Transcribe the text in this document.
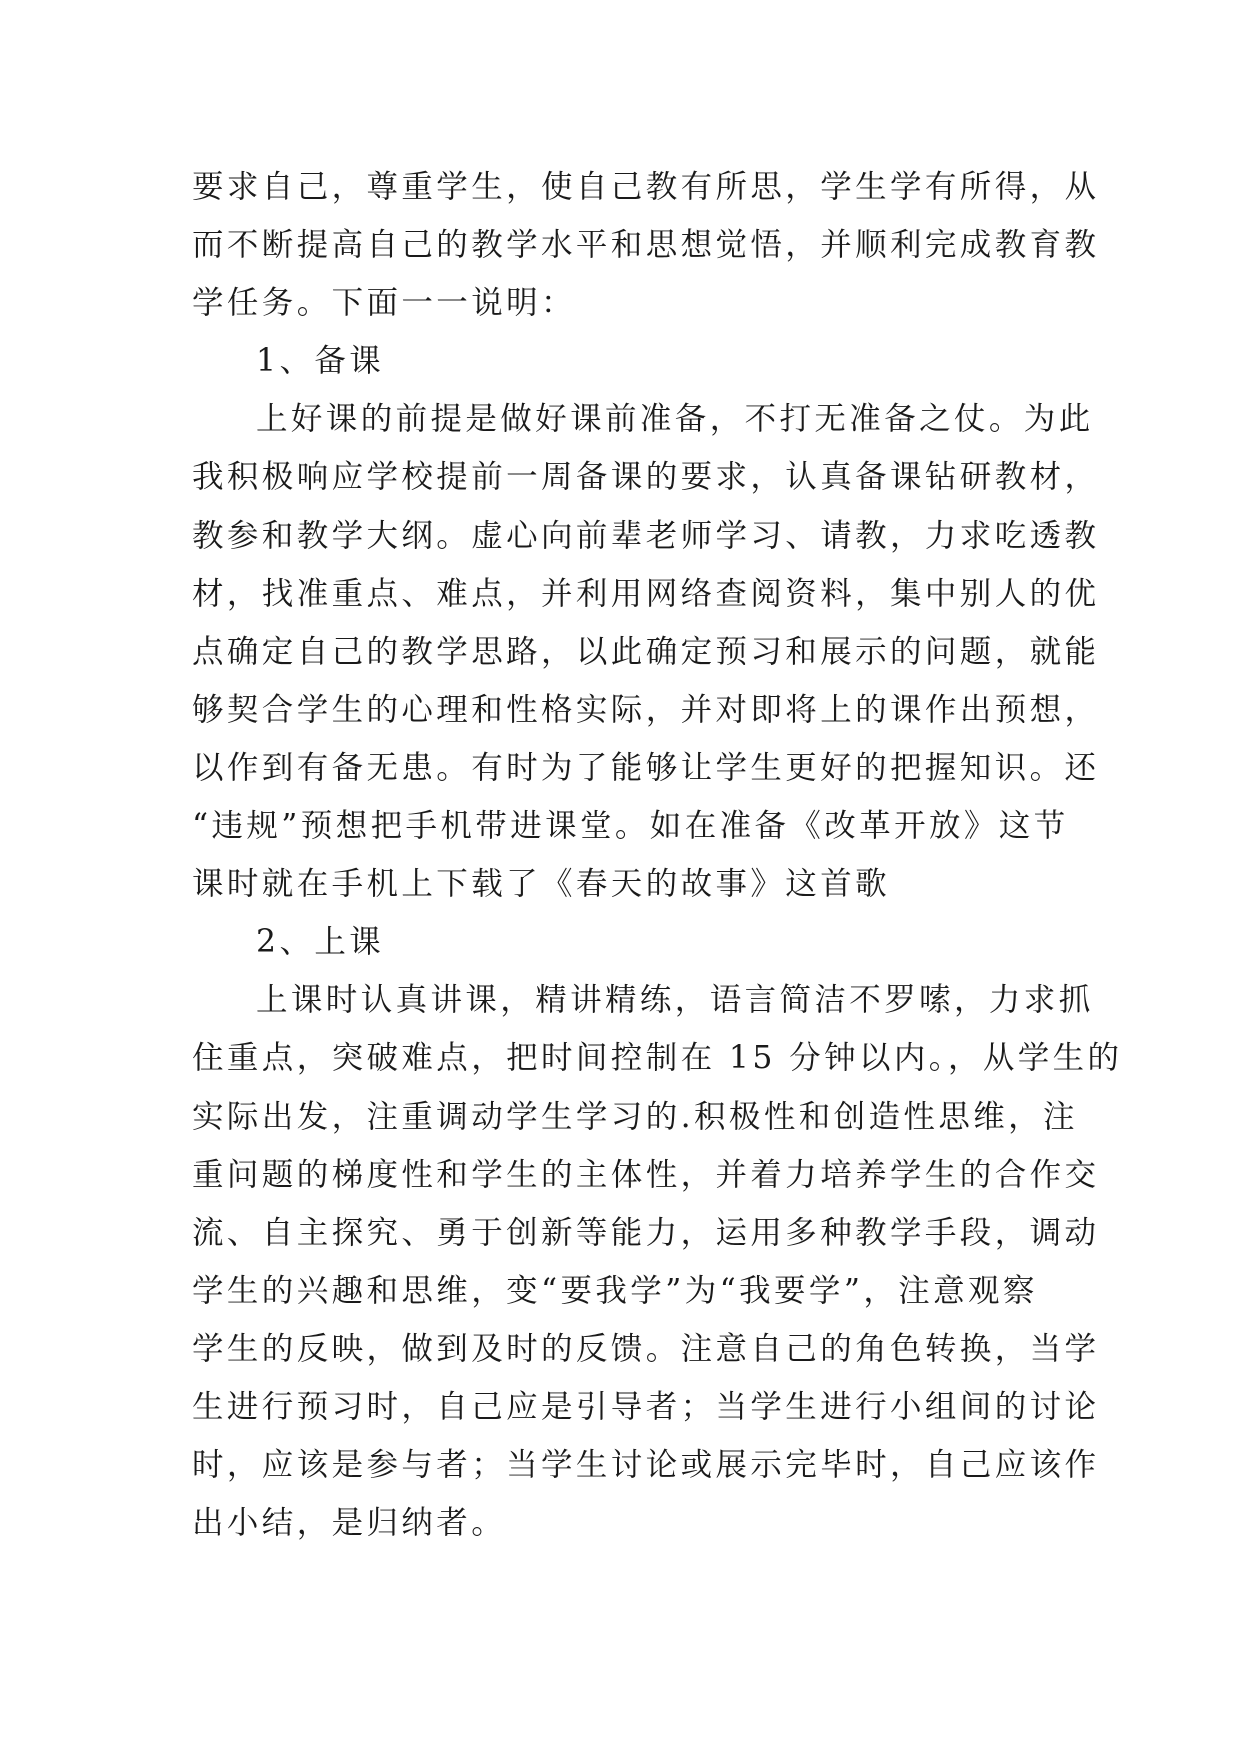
要求自己，尊重学生，使自己教有所思，学生学有所得，从
而不断提高自己的教学水平和思想觉悟，并顺利完成教育教
学任务。下面一一说明：
1、备课
上好课的前提是做好课前准备，不打无准备之仗。为此
我积极响应学校提前一周备课的要求，认真备课钻研教材，
教参和教学大纲。虚心向前辈老师学习、请教，力求吃透教
材，找准重点、难点，并利用网络查阅资料，集中别人的优
点确定自己的教学思路，以此确定预习和展示的问题，就能
够契合学生的心理和性格实际，并对即将上的课作出预想，
以作到有备无患。有时为了能够让学生更好的把握知识。还
“违规”预想把手机带进课堂。如在准备《改革开放》这节
课时就在手机上下载了《春天的故事》这首歌
2、上课
上课时认真讲课，精讲精练，语言简洁不罗嗦，力求抓
住重点，突破难点，把时间控制在 15 分钟以内。，从学生的
实际出发，注重调动学生学习的.积极性和创造性思维，注
重问题的梯度性和学生的主体性，并着力培养学生的合作交
流、自主探究、勇于创新等能力，运用多种教学手段，调动
学生的兴趣和思维，变“要我学”为“我要学”，注意观察
学生的反映，做到及时的反馈。注意自己的角色转换，当学
生进行预习时，自己应是引导者；当学生进行小组间的讨论
时，应该是参与者；当学生讨论或展示完毕时，自己应该作
出小结，是归纳者。
